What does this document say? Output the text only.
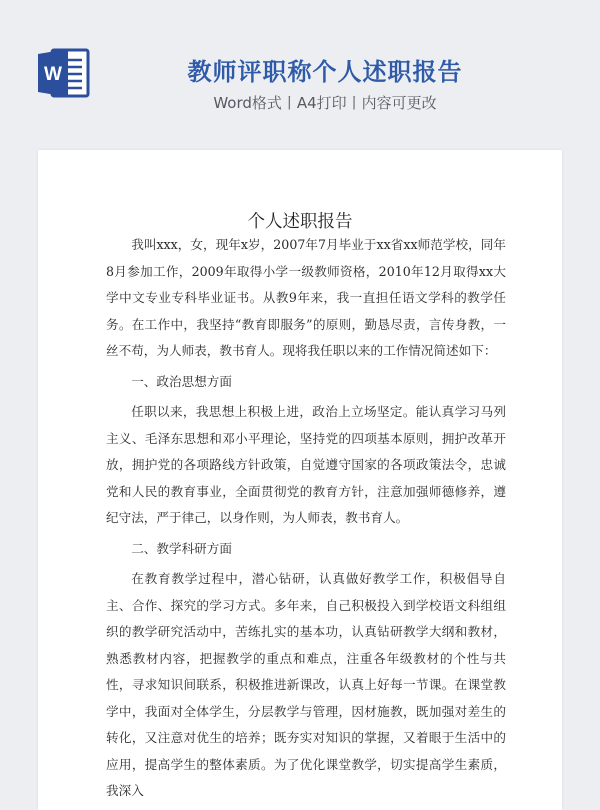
W	教师评职称个人述职报告
Word格式丨A4打印丨内容可更改
个人述职报告

我叫xxx，女，现年x岁，2007年7月毕业于xx省xx师范学校，同年8月参加工作，2009年取得小学一级教师资格，2010年12月取得xx大学中文专业专科毕业证书。从教9年来，我一直担任语文学科的教学任务。在工作中，我坚持“教育即服务”的原则，勤恳尽责，言传身教，一丝不苟，为人师表，教书育人。现将我任职以来的工作情况简述如下：

一、政治思想方面

任职以来，我思想上积极上进，政治上立场坚定。能认真学习马列主义、毛泽东思想和邓小平理论，坚持党的四项基本原则，拥护改革开放，拥护党的各项路线方针政策，自觉遵守国家的各项政策法令，忠诚党和人民的教育事业，全面贯彻党的教育方针，注意加强师德修养，遵纪守法，严于律己，以身作则，为人师表，教书育人。

二、教学科研方面

在教育教学过程中，潜心钻研，认真做好教学工作，积极倡导自主、合作、探究的学习方式。多年来，自己积极投入到学校语文科组组织的教学研究活动中，苦练扎实的基本功，认真钻研教学大纲和教材，熟悉教材内容，把握教学的重点和难点，注重各年级教材的个性与共性，寻求知识间联系，积极推进新课改，认真上好每一节课。在课堂教学中，我面对全体学生，分层教学与管理，因材施教，既加强对差生的转化，又注意对优生的培养；既夯实对知识的掌握，又着眼于生活中的应用，提高学生的整体素质。为了优化课堂教学，切实提高学生素质，我深入
